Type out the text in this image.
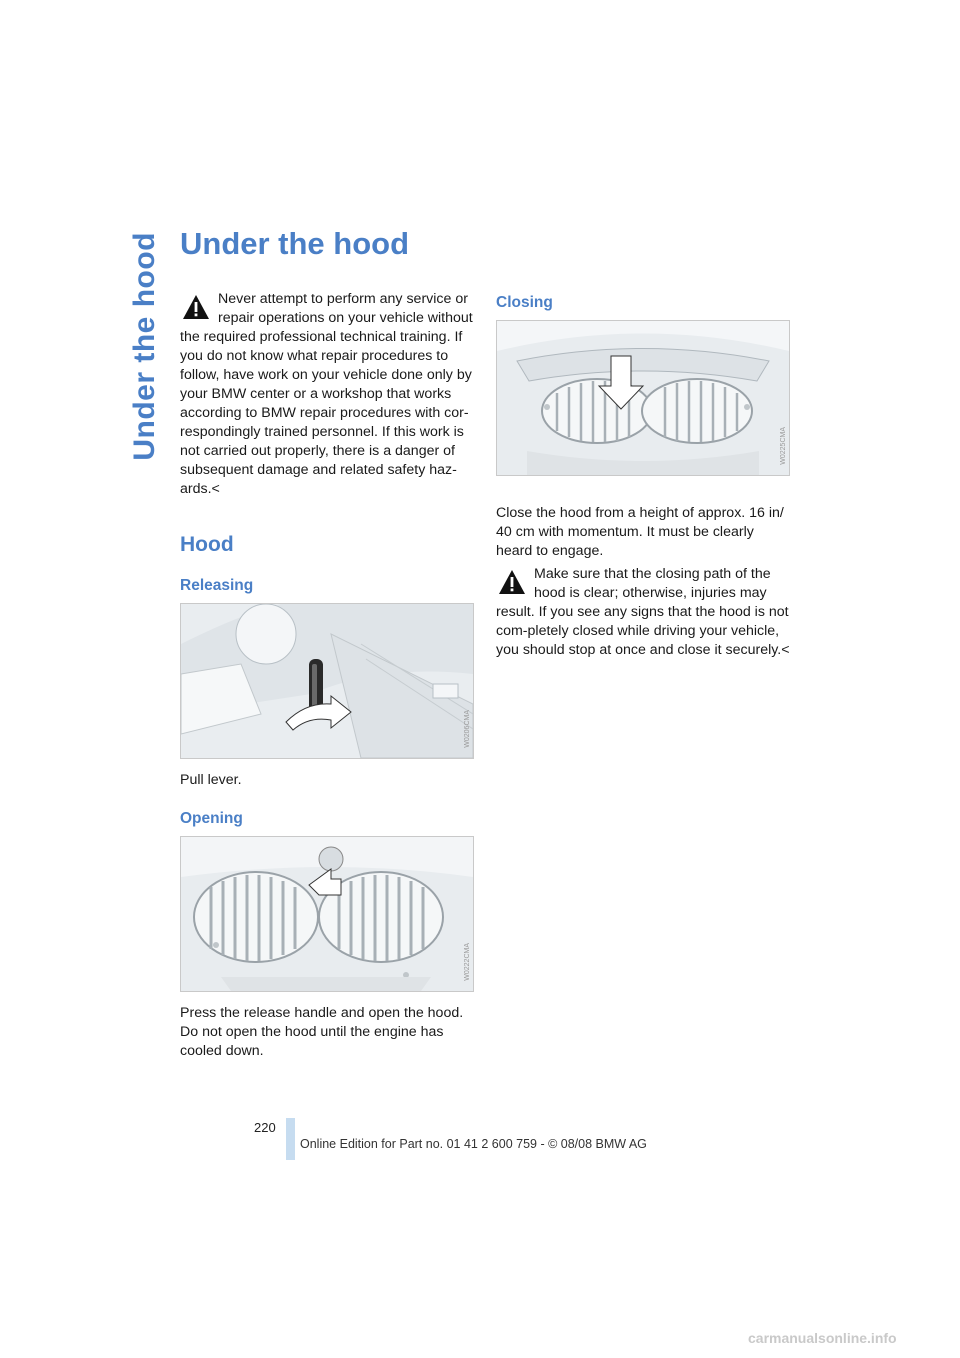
Under the hood Under the hood

Never attempt to perform any service or
repair operations on your vehicle without
the required professional technical training. If you do not know what repair procedures to follow, have work on your vehicle done only by your BMW center or a workshop that works according to BMW repair procedures with cor-respondingly trained personnel. If this work is not carried out properly, there is a danger of subsequent damage and related safety haz-ards.<

Hood
Releasing
W0206CMA

Pull lever.

Opening
W0222CMA

Press the release handle and open the hood. Do not open the hood until the engine has cooled down.

Closing
W0225CMA

Close the hood from a height of approx. 16 in/ 40 cm with momentum. It must be clearly heard to engage.

Make sure that the closing path of the
hood is clear; otherwise, injuries may
result. If you see any signs that the hood is not com-pletely closed while driving your vehicle, you should stop at once and close it securely.<

220
Online Edition for Part no. 01 41 2 600 759 - © 08/08 BMW AG
carmanualsonline.info
